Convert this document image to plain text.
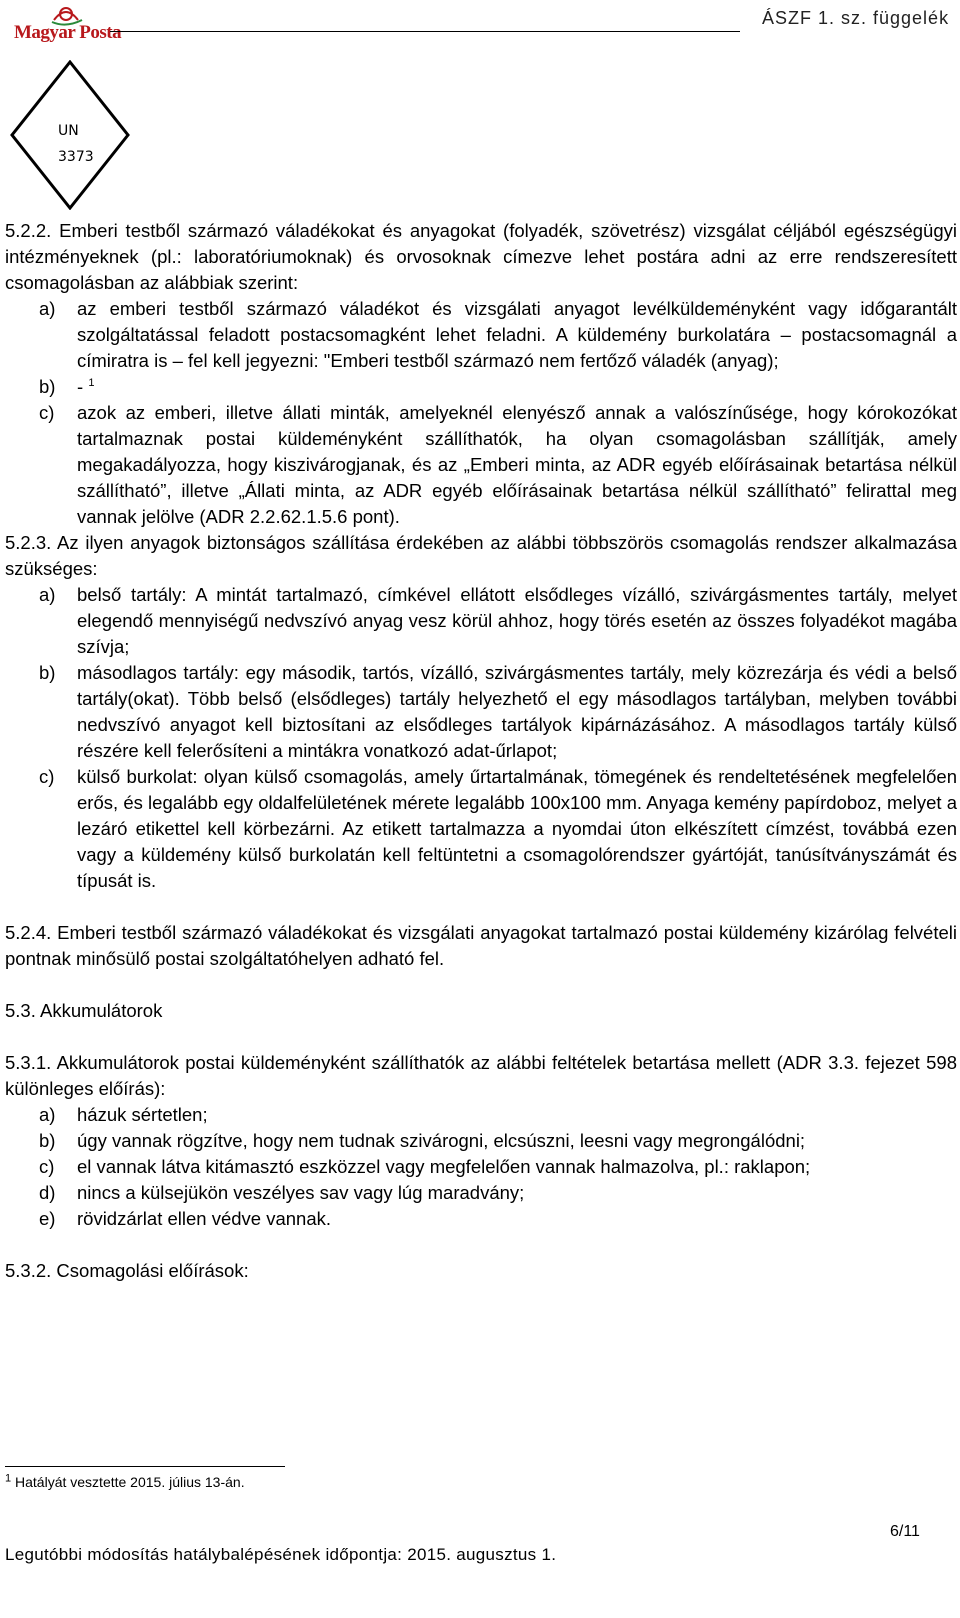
Magyar Posta
ÁSZF 1. sz. függelék
UN
3373

5.2.2. Emberi testből származó váladékokat és anyagokat (folyadék, szövetrész) vizsgálat céljából egészségügyi intézményeknek (pl.: laboratóriumoknak) és orvosoknak címezve lehet postára adni az erre rendszeresített csomagolásban az alábbiak szerint:

a)	az emberi testből származó váladékot és vizsgálati anyagot levélküldeményként vagy időgarantált szolgáltatással feladott postacsomagként lehet feladni. A küldemény burkolatára – postacsomagnál a címiratra is – fel kell jegyezni: "Emberi testből származó nem fertőző váladék (anyag);
b)	- $^1$
c)	azok az emberi, illetve állati minták, amelyeknél elenyésző annak a valószínűsége, hogy kórokozókat tartalmaznak postai küldeményként szállíthatók, ha olyan csomagolásban szállítják, amely megakadályozza, hogy kiszivárogjanak, és az „Emberi minta, az ADR egyéb előírásainak betartása nélkül szállítható”, illetve „Állati minta, az ADR egyéb előírásainak betartása nélkül szállítható” felirattal meg vannak jelölve (ADR 2.2.62.1.5.6 pont).

5.2.3. Az ilyen anyagok biztonságos szállítása érdekében az alábbi többszörös csomagolás rendszer alkalmazása szükséges:

a)	belső tartály: A mintát tartalmazó, címkével ellátott elsődleges vízálló, szivárgásmentes tartály, melyet elegendő mennyiségű nedvszívó anyag vesz körül ahhoz, hogy törés esetén az összes folyadékot magába szívja;
b)	másodlagos tartály: egy második, tartós, vízálló, szivárgásmentes tartály, mely közrezárja és védi a belső tartály(okat). Több belső (elsődleges) tartály helyezhető el egy másodlagos tartályban, melyben további nedvszívó anyagot kell biztosítani az elsődleges tartályok kipárnázásához. A másodlagos tartály külső részére kell felerősíteni a mintákra vonatkozó adat-űrlapot;
c)	külső burkolat: olyan külső csomagolás, amely űrtartalmának, tömegének és rendeltetésének megfelelően erős, és legalább egy oldalfelületének mérete legalább 100x100 mm. Anyaga kemény papírdoboz, melyet a lezáró etikettel kell körbezárni. Az etikett tartalmazza a nyomdai úton elkészített címzést, továbbá ezen vagy a küldemény külső burkolatán kell feltüntetni a csomagolórendszer gyártóját, tanúsítványszámát és típusát is.

5.2.4. Emberi testből származó váladékokat és vizsgálati anyagokat tartalmazó postai küldemény kizárólag felvételi pontnak minősülő postai szolgáltatóhelyen adható fel.

5.3. Akkumulátorok

5.3.1. Akkumulátorok postai küldeményként szállíthatók az alábbi feltételek betartása mellett (ADR 3.3. fejezet 598 különleges előírás):

a)	házuk sértetlen;
b)	úgy vannak rögzítve, hogy nem tudnak szivárogni, elcsúszni, leesni vagy megrongálódni;
c)	el vannak látva kitámasztó eszközzel vagy megfelelően vannak halmazolva, pl.: raklapon;
d)	nincs a külsejükön veszélyes sav vagy lúg maradvány;
e)	rövidzárlat ellen védve vannak.

5.3.2. Csomagolási előírások:

$^1$ Hatályát vesztette 2015. július 13-án.
6/11
Legutóbbi módosítás hatálybalépésének időpontja: 2015. augusztus 1.
